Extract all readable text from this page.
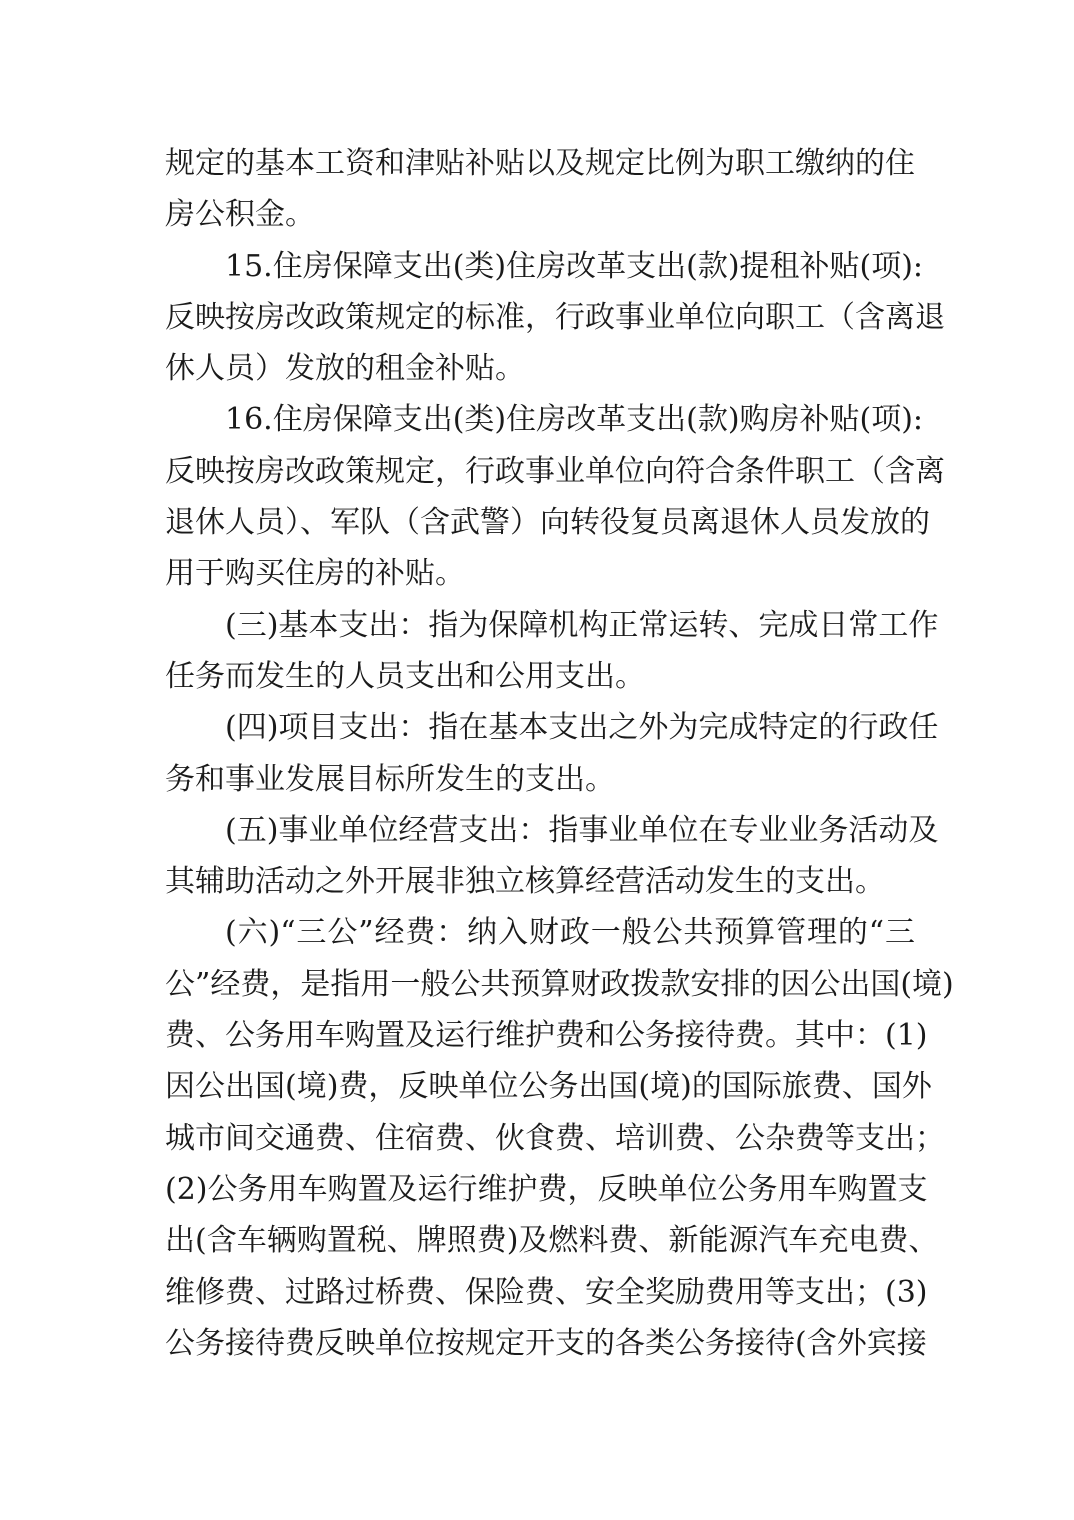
规定的基本工资和津贴补贴以及规定比例为职工缴纳的住
房公积金。
15.住房保障支出(类)住房改革支出(款)提租补贴(项):
反映按房改政策规定的标准，行政事业单位向职工（含离退
休人员）发放的租金补贴。
16.住房保障支出(类)住房改革支出(款)购房补贴(项):
反映按房改政策规定，行政事业单位向符合条件职工（含离
退休人员）、军队（含武警）向转役复员离退休人员发放的
用于购买住房的补贴。
(三)基本支出：指为保障机构正常运转、完成日常工作
任务而发生的人员支出和公用支出。
(四)项目支出：指在基本支出之外为完成特定的行政任
务和事业发展目标所发生的支出。
(五)事业单位经营支出：指事业单位在专业业务活动及
其辅助活动之外开展非独立核算经营活动发生的支出。
(六)“三公”经费：纳入财政一般公共预算管理的“三
公”经费，是指用一般公共预算财政拨款安排的因公出国(境)
费、公务用车购置及运行维护费和公务接待费。其中：(1)
因公出国(境)费，反映单位公务出国(境)的国际旅费、国外
城市间交通费、住宿费、伙食费、培训费、公杂费等支出；
(2)公务用车购置及运行维护费，反映单位公务用车购置支
出(含车辆购置税、牌照费)及燃料费、新能源汽车充电费、
维修费、过路过桥费、保险费、安全奖励费用等支出；(3)
公务接待费反映单位按规定开支的各类公务接待(含外宾接
